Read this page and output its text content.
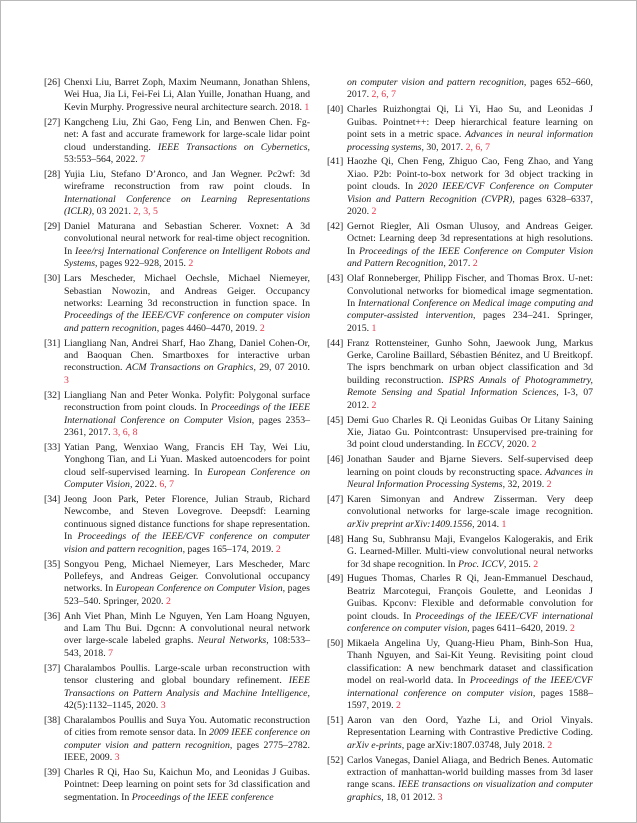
[26] Chenxi Liu, Barret Zoph, Maxim Neumann, Jonathan Shlens, Wei Hua, Jia Li, Fei-Fei Li, Alan Yuille, Jonathan Huang, and Kevin Murphy. Progressive neural architecture search. 2018. 1
[27] Kangcheng Liu, Zhi Gao, Feng Lin, and Benwen Chen. Fg-net: A fast and accurate framework for large-scale lidar point cloud understanding. IEEE Transactions on Cybernetics, 53:553–564, 2022. 7
[28] Yujia Liu, Stefano D’Aronco, and Jan Wegner. Pc2wf: 3d wireframe reconstruction from raw point clouds. In International Conference on Learning Representations (ICLR), 03 2021. 2, 3, 5
[29] Daniel Maturana and Sebastian Scherer. Voxnet: A 3d convolutional neural network for real-time object recognition. In Ieee/rsj International Conference on Intelligent Robots and Systems, pages 922–928, 2015. 2
[30] Lars Mescheder, Michael Oechsle, Michael Niemeyer, Sebastian Nowozin, and Andreas Geiger. Occupancy networks: Learning 3d reconstruction in function space. In Proceedings of the IEEE/CVF conference on computer vision and pattern recognition, pages 4460–4470, 2019. 2
[31] Liangliang Nan, Andrei Sharf, Hao Zhang, Daniel Cohen-Or, and Baoquan Chen. Smartboxes for interactive urban reconstruction. ACM Transactions on Graphics, 29, 07 2010. 3
[32] Liangliang Nan and Peter Wonka. Polyfit: Polygonal surface reconstruction from point clouds. In Proceedings of the IEEE International Conference on Computer Vision, pages 2353–2361, 2017. 3, 6, 8
[33] Yatian Pang, Wenxiao Wang, Francis EH Tay, Wei Liu, Yonghong Tian, and Li Yuan. Masked autoencoders for point cloud self-supervised learning. In European Conference on Computer Vision, 2022. 6, 7
[34] Jeong Joon Park, Peter Florence, Julian Straub, Richard Newcombe, and Steven Lovegrove. Deepsdf: Learning continuous signed distance functions for shape representation. In Proceedings of the IEEE/CVF conference on computer vision and pattern recognition, pages 165–174, 2019. 2
[35] Songyou Peng, Michael Niemeyer, Lars Mescheder, Marc Pollefeys, and Andreas Geiger. Convolutional occupancy networks. In European Conference on Computer Vision, pages 523–540. Springer, 2020. 2
[36] Anh Viet Phan, Minh Le Nguyen, Yen Lam Hoang Nguyen, and Lam Thu Bui. Dgcnn: A convolutional neural network over large-scale labeled graphs. Neural Networks, 108:533–543, 2018. 7
[37] Charalambos Poullis. Large-scale urban reconstruction with tensor clustering and global boundary refinement. IEEE Transactions on Pattern Analysis and Machine Intelligence, 42(5):1132–1145, 2020. 3
[38] Charalambos Poullis and Suya You. Automatic reconstruction of cities from remote sensor data. In 2009 IEEE conference on computer vision and pattern recognition, pages 2775–2782. IEEE, 2009. 3
[39] Charles R Qi, Hao Su, Kaichun Mo, and Leonidas J Guibas. Pointnet: Deep learning on point sets for 3d classification and segmentation. In Proceedings of the IEEE conference
on computer vision and pattern recognition, pages 652–660, 2017. 2, 6, 7
[40] Charles Ruizhongtai Qi, Li Yi, Hao Su, and Leonidas J Guibas. Pointnet++: Deep hierarchical feature learning on point sets in a metric space. Advances in neural information processing systems, 30, 2017. 2, 6, 7
[41] Haozhe Qi, Chen Feng, Zhiguo Cao, Feng Zhao, and Yang Xiao. P2b: Point-to-box network for 3d object tracking in point clouds. In 2020 IEEE/CVF Conference on Computer Vision and Pattern Recognition (CVPR), pages 6328–6337, 2020. 2
[42] Gernot Riegler, Ali Osman Ulusoy, and Andreas Geiger. Octnet: Learning deep 3d representations at high resolutions. In Proceedings of the IEEE Conference on Computer Vision and Pattern Recognition, 2017. 2
[43] Olaf Ronneberger, Philipp Fischer, and Thomas Brox. U-net: Convolutional networks for biomedical image segmentation. In International Conference on Medical image computing and computer-assisted intervention, pages 234–241. Springer, 2015. 1
[44] Franz Rottensteiner, Gunho Sohn, Jaewook Jung, Markus Gerke, Caroline Baillard, Sébastien Bénitez, and U Breitkopf. The isprs benchmark on urban object classification and 3d building reconstruction. ISPRS Annals of Photogrammetry, Remote Sensing and Spatial Information Sciences, I-3, 07 2012. 2
[45] Demi Guo Charles R. Qi Leonidas Guibas Or Litany Saining Xie, Jiatao Gu. Pointcontrast: Unsupervised pre-training for 3d point cloud understanding. In ECCV, 2020. 2
[46] Jonathan Sauder and Bjarne Sievers. Self-supervised deep learning on point clouds by reconstructing space. Advances in Neural Information Processing Systems, 32, 2019. 2
[47] Karen Simonyan and Andrew Zisserman. Very deep convolutional networks for large-scale image recognition. arXiv preprint arXiv:1409.1556, 2014. 1
[48] Hang Su, Subhransu Maji, Evangelos Kalogerakis, and Erik G. Learned-Miller. Multi-view convolutional neural networks for 3d shape recognition. In Proc. ICCV, 2015. 2
[49] Hugues Thomas, Charles R Qi, Jean-Emmanuel Deschaud, Beatriz Marcotegui, François Goulette, and Leonidas J Guibas. Kpconv: Flexible and deformable convolution for point clouds. In Proceedings of the IEEE/CVF international conference on computer vision, pages 6411–6420, 2019. 2
[50] Mikaela Angelina Uy, Quang-Hieu Pham, Binh-Son Hua, Thanh Nguyen, and Sai-Kit Yeung. Revisiting point cloud classification: A new benchmark dataset and classification model on real-world data. In Proceedings of the IEEE/CVF international conference on computer vision, pages 1588–1597, 2019. 2
[51] Aaron van den Oord, Yazhe Li, and Oriol Vinyals. Representation Learning with Contrastive Predictive Coding. arXiv e-prints, page arXiv:1807.03748, July 2018. 2
[52] Carlos Vanegas, Daniel Aliaga, and Bedrich Benes. Automatic extraction of manhattan-world building masses from 3d laser range scans. IEEE transactions on visualization and computer graphics, 18, 01 2012. 3
